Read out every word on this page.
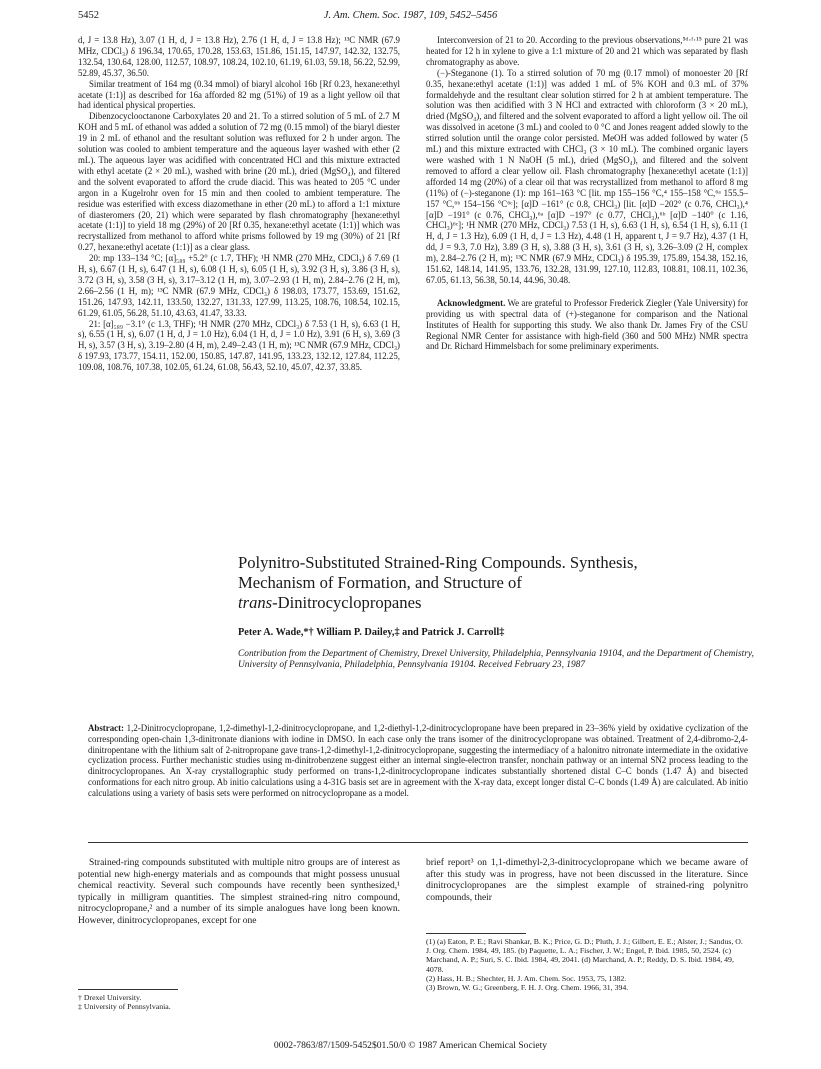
5452	J. Am. Chem. Soc. 1987, 109, 5452–5456

d, J = 13.8 Hz), 3.07 (1 H, d, J = 13.8 Hz), 2.76 (1 H, d, J = 13.8 Hz); ¹³C NMR (67.9 MHz, CDCl₃) δ 196.34, 170.65, 170.28, 153.63, 151.86, 151.15, 147.97, 142.32, 132.75, 132.54, 130.64, 128.00, 112.57, 108.97, 108.24, 102.10, 61.19, 61.03, 59.18, 56.22, 52.99, 52.89, 45.37, 36.50.

Similar treatment of 164 mg (0.34 mmol) of biaryl alcohol 16b [Rf 0.23, hexane:ethyl acetate (1:1)] as described for 16a afforded 82 mg (51%) of 19 as a light yellow oil that had identical physical properties.

Dibenzocyclooctanone Carboxylates 20 and 21. To a stirred solution of 5 mL of 2.7 M KOH and 5 mL of ethanol was added a solution of 72 mg (0.15 mmol) of the biaryl diester 19 in 2 mL of ethanol and the resultant solution was refluxed for 2 h under argon. The solution was cooled to ambient temperature and the aqueous layer washed with ether (2 mL). The aqueous layer was acidified with concentrated HCl and this mixture extracted with ethyl acetate (2 × 20 mL), washed with brine (20 mL), dried (MgSO₄), and filtered and the solvent evaporated to afford the crude diacid. This was heated to 205 °C under argon in a Kugelrohr oven for 15 min and then cooled to ambient temperature. The residue was esterified with excess diazomethane in ether (20 mL) to afford a 1:1 mixture of diasteromers (20, 21) which were separated by flash chromatography [hexane:ethyl acetate (1:1)] to yield 18 mg (29%) of 20 [Rf 0.35, hexane:ethyl acetate (1:1)] which was recrystallized from methanol to afford white prisms followed by 19 mg (30%) of 21 [Rf 0.27, hexane:ethyl acetate (1:1)] as a clear glass.

20: mp 133–134 °C; [α]₅₈₉ +5.2° (c 1.7, THF); ¹H NMR (270 MHz, CDCl₃) δ 7.69 (1 H, s), 6.67 (1 H, s), 6.47 (1 H, s), 6.08 (1 H, s), 6.05 (1 H, s), 3.92 (3 H, s), 3.86 (3 H, s), 3.72 (3 H, s), 3.58 (3 H, s), 3.17–3.12 (1 H, m), 3.07–2.93 (1 H, m), 2.84–2.76 (2 H, m), 2.66–2.56 (1 H, m); ¹³C NMR (67.9 MHz, CDCl₃) δ 198.03, 173.77, 153.69, 151.62, 151.26, 147.93, 142.11, 133.50, 132.27, 131.33, 127.99, 113.25, 108.76, 108.54, 102.15, 61.29, 61.05, 56.28, 51.10, 43.63, 41.47, 33.33.

21: [α]₅₈₉ −3.1° (c 1.3, THF); ¹H NMR (270 MHz, CDCl₃) δ 7.53 (1 H, s), 6.63 (1 H, s), 6.55 (1 H, s), 6.07 (1 H, d, J = 1.0 Hz), 6.04 (1 H, d, J = 1.0 Hz), 3.91 (6 H, s), 3.69 (3 H, s), 3.57 (3 H, s), 3.19–2.80 (4 H, m), 2.49–2.43 (1 H, m); ¹³C NMR (67.9 MHz, CDCl₃) δ 197.93, 173.77, 154.11, 152.00, 150.85, 147.87, 141.95, 133.23, 132.12, 127.84, 112.25, 109.08, 108.76, 107.38, 102.05, 61.24, 61.08, 56.43, 52.10, 45.07, 42.37, 33.85.

Interconversion of 21 to 20. According to the previous observations,⁵ᵈ·ᶠ·¹⁵ pure 21 was heated for 12 h in xylene to give a 1:1 mixture of 20 and 21 which was separated by flash chromatography as above.

(−)-Steganone (1). To a stirred solution of 70 mg (0.17 mmol) of monoester 20 [Rf 0.35, hexane:ethyl acetate (1:1)] was added 1 mL of 5% KOH and 0.3 mL of 37% formaldehyde and the resultant clear solution stirred for 2 h at ambient temperature. The solution was then acidified with 3 N HCl and extracted with chloroform (3 × 20 mL), dried (MgSO₄), and filtered and the solvent evaporated to afford a light yellow oil. The oil was dissolved in acetone (3 mL) and cooled to 0 °C and Jones reagent added slowly to the stirred solution until the orange color persisted. MeOH was added followed by water (5 mL) and this mixture extracted with CHCl₃ (3 × 10 mL). The combined organic layers were washed with 1 N NaOH (5 mL), dried (MgSO₄), and filtered and the solvent removed to afford a clear yellow oil. Flash chromatography [hexane:ethyl acetate (1:1)] afforded 14 mg (20%) of a clear oil that was recrystallized from methanol to afford 8 mg (11%) of (−)-steganone (1): mp 161–163 °C [lit. mp 155–156 °C,⁴ 155–158 °C,⁶ᵃ 155.5–157 °C,⁶ᵇ 154–156 °C⁶ᶜ]; [α]D −161° (c 0.8, CHCl₃) [lit. [α]D −202° (c 0.76, CHCl₃),⁴ [α]D −191° (c 0.76, CHCl₃),⁶ᵃ [α]D −197° (c 0.77, CHCl₃),⁶ᵇ [α]D −140° (c 1.16, CHCl₃)⁶ᶜ]; ¹H NMR (270 MHz, CDCl₃) 7.53 (1 H, s), 6.63 (1 H, s), 6.54 (1 H, s), 6.11 (1 H, d, J = 1.3 Hz), 6.09 (1 H, d, J = 1.3 Hz), 4.48 (1 H, apparent t, J = 9.7 Hz), 4.37 (1 H, dd, J = 9.3, 7.0 Hz), 3.89 (3 H, s), 3.88 (3 H, s), 3.61 (3 H, s), 3.26–3.09 (2 H, complex m), 2.84–2.76 (2 H, m); ¹³C NMR (67.9 MHz, CDCl₃) δ 195.39, 175.89, 154.38, 152.16, 151.62, 148.14, 141.95, 133.76, 132.28, 131.99, 127.10, 112.83, 108.81, 108.11, 102.36, 67.05, 61.13, 56.38, 50.14, 44.96, 30.48.

Acknowledgment. We are grateful to Professor Frederick Ziegler (Yale University) for providing us with spectral data of (+)-steganone for comparison and the National Institutes of Health for supporting this study. We also thank Dr. James Fry of the CSU Regional NMR Center for assistance with high-field (360 and 500 MHz) NMR spectra and Dr. Richard Himmelsbach for some preliminary experiments.

Polynitro-Substituted Strained-Ring Compounds. Synthesis,
Mechanism of Formation, and Structure of
trans-Dinitrocyclopropanes
Peter A. Wade,*† William P. Dailey,‡ and Patrick J. Carroll‡
Contribution from the Department of Chemistry, Drexel University, Philadelphia, Pennsylvania 19104, and the Department of Chemistry, University of Pennsylvania, Philadelphia, Pennsylvania 19104. Received February 23, 1987
Abstract: 1,2-Dinitrocyclopropane, 1,2-dimethyl-1,2-dinitrocyclopropane, and 1,2-diethyl-1,2-dinitrocyclopropane have been prepared in 23–36% yield by oxidative cyclization of the corresponding open-chain 1,3-dinitronate dianions with iodine in DMSO. In each case only the trans isomer of the dinitrocyclopropane was obtained. Treatment of 2,4-dibromo-2,4-dinitropentane with the lithium salt of 2-nitropropane gave trans-1,2-dimethyl-1,2-dinitrocyclopropane, suggesting the intermediacy of a halonitro nitronate intermediate in the oxidative cyclization process. Further mechanistic studies using m-dinitrobenzene suggest either an internal single-electron transfer, nonchain pathway or an internal SN2 process leading to the dinitrocyclopropanes. An X-ray crystallographic study performed on trans-1,2-dinitrocyclopropane indicates substantially shortened distal C–C bonds (1.47 Å) and bisected conformations for each nitro group. Ab initio calculations using a 4-31G basis set are in agreement with the X-ray data, except longer distal C–C bonds (1.49 Å) are calculated. Ab initio calculations using a variety of basis sets were performed on nitrocyclopropane as a model.

Strained-ring compounds substituted with multiple nitro groups are of interest as potential new high-energy materials and as compounds that might possess unusual chemical reactivity. Several such compounds have recently been synthesized,¹ typically in milligram quantities. The simplest strained-ring nitro compound, nitrocyclopropane,² and a number of its simple analogues have long been known. However, dinitrocyclopropanes, except for one

brief report³ on 1,1-dimethyl-2,3-dinitrocyclopropane which we became aware of after this study was in progress, have not been discussed in the literature. Since dinitrocyclopropanes are the simplest example of strained-ring polynitro compounds, their

† Drexel University.
‡ University of Pennsylvania.
(1) (a) Eaton, P. E.; Ravi Shankar, B. K.; Price, G. D.; Pluth, J. J.; Gilbert, E. E.; Alster, J.; Sandus, O. J. Org. Chem. 1984, 49, 185. (b) Paquette, L. A.; Fischer, J. W.; Engel, P. Ibid. 1985, 50, 2524. (c) Marchand, A. P.; Suri, S. C. Ibid. 1984, 49, 2041. (d) Marchand, A. P.; Reddy, D. S. Ibid. 1984, 49, 4078.
(2) Hass, H. B.; Shechter, H. J. Am. Chem. Soc. 1953, 75, 1382.
(3) Brown, W. G.; Greenberg, F. H. J. Org. Chem. 1966, 31, 394.
0002-7863/87/1509-5452$01.50/0 © 1987 American Chemical Society
